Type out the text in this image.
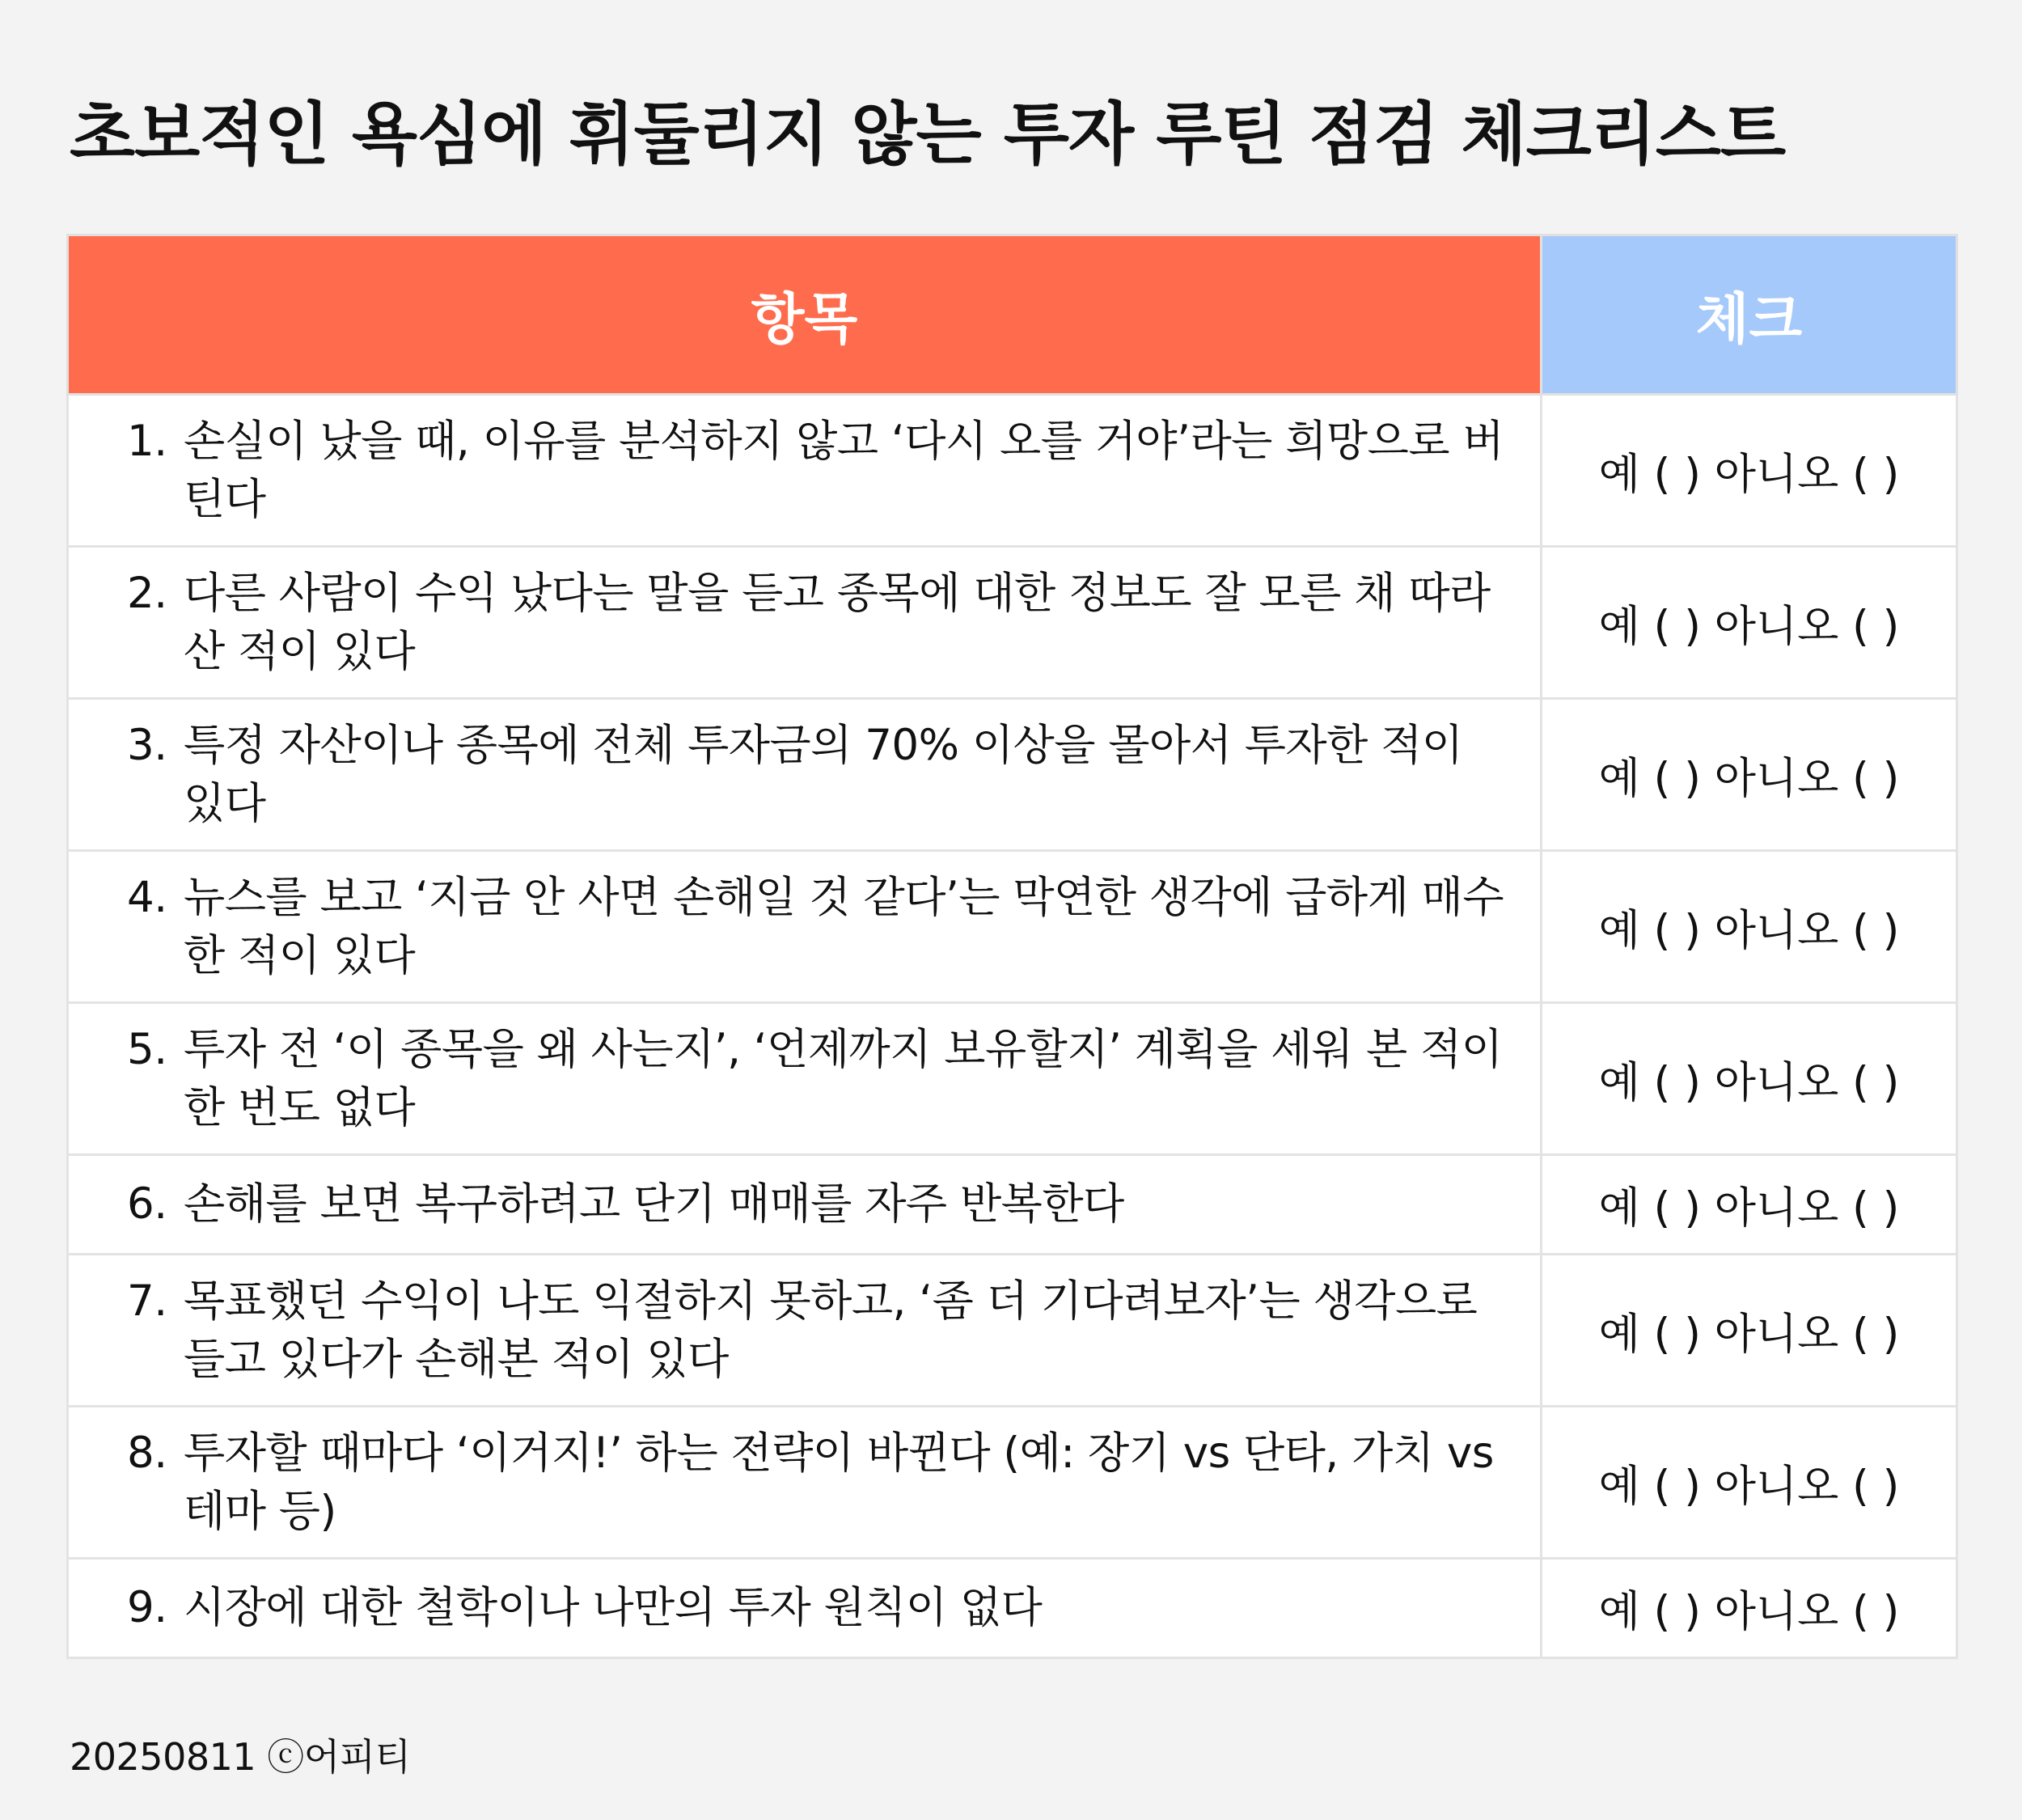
초보적인 욕심에 휘둘리지 않는 투자 루틴 점검 체크리스트
항목	체크

1. 손실이 났을 때, 이유를 분석하지 않고 ‘다시 오를 거야’라는 희망으로 버틴다	예 ( ) 아니오 ( )

2. 다른 사람이 수익 났다는 말을 듣고 종목에 대한 정보도 잘 모른 채 따라 산 적이 있다	예 ( ) 아니오 ( )

3. 특정 자산이나 종목에 전체 투자금의 70% 이상을 몰아서 투자한 적이 있다	예 ( ) 아니오 ( )

4. 뉴스를 보고 ‘지금 안 사면 손해일 것 같다’는 막연한 생각에 급하게 매수한 적이 있다	예 ( ) 아니오 ( )

5. 투자 전 ‘이 종목을 왜 사는지’, ‘언제까지 보유할지’ 계획을 세워 본 적이 한 번도 없다	예 ( ) 아니오 ( )

6. 손해를 보면 복구하려고 단기 매매를 자주 반복한다	예 ( ) 아니오 ( )

7. 목표했던 수익이 나도 익절하지 못하고, ‘좀 더 기다려보자’는 생각으로 들고 있다가 손해본 적이 있다	예 ( ) 아니오 ( )

8. 투자할 때마다 ‘이거지!’ 하는 전략이 바뀐다 (예: 장기 vs 단타, 가치 vs 테마 등)	예 ( ) 아니오 ( )

9. 시장에 대한 철학이나 나만의 투자 원칙이 없다	예 ( ) 아니오 ( )
20250811 ⓒ어피티
